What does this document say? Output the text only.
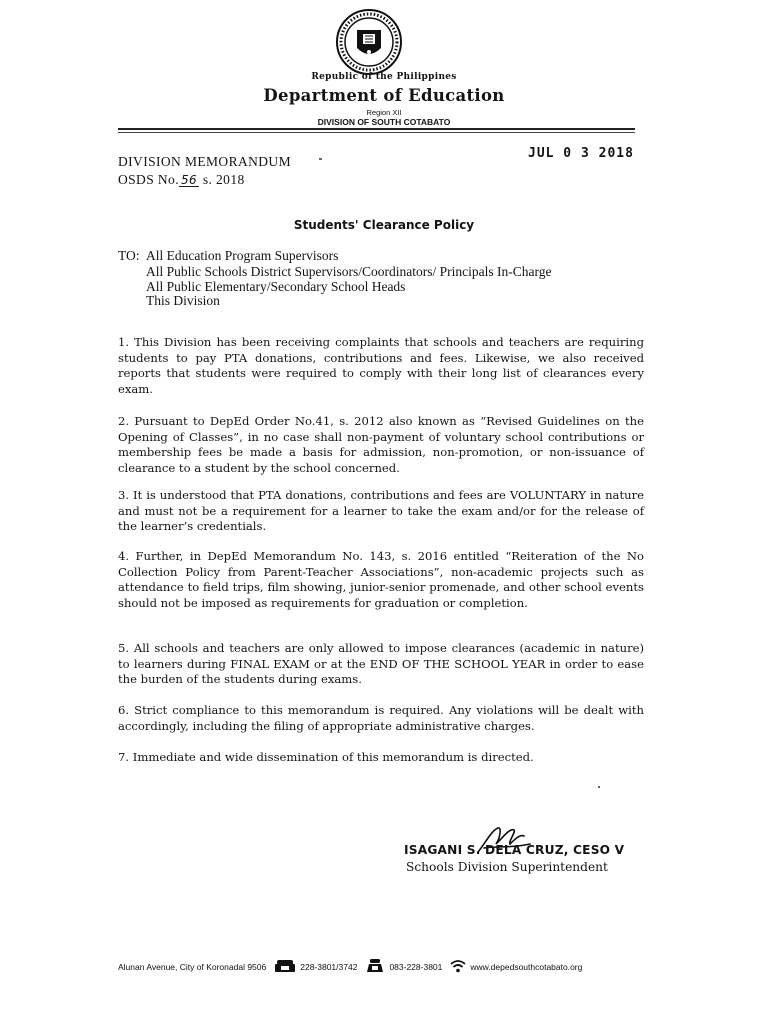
Republic of the Philippines
Department of Education
Region XII
DIVISION OF SOUTH COTABATO
JUL 0 3 2018
DIVISION MEMORANDUM
OSDS No. 56 s. 2018
Students' Clearance Policy
TO: All Education Program Supervisors
All Public Schools District Supervisors/Coordinators/ Principals In-Charge
All Public Elementary/Secondary School Heads
This Division

1. This Division has been receiving complaints that schools and teachers are requiring students to pay PTA donations, contributions and fees. Likewise, we also received reports that students were required to comply with their long list of clearances every exam.

2. Pursuant to DepEd Order No.41, s. 2012 also known as “Revised Guidelines on the Opening of Classes”, in no case shall non-payment of voluntary school contributions or membership fees be made a basis for admission, non-promotion, or non-issuance of clearance to a student by the school concerned.

3. It is understood that PTA donations, contributions and fees are VOLUNTARY in nature and must not be a requirement for a learner to take the exam and/or for the release of the learner’s credentials.

4. Further, in DepEd Memorandum No. 143, s. 2016 entitled “Reiteration of the No Collection Policy from Parent-Teacher Associations”, non-academic projects such as attendance to field trips, film showing, junior-senior promenade, and other school events should not be imposed as requirements for graduation or completion.

5. All schools and teachers are only allowed to impose clearances (academic in nature) to learners during FINAL EXAM or at the END OF THE SCHOOL YEAR in order to ease the burden of the students during exams.

6. Strict compliance to this memorandum is required. Any violations will be dealt with accordingly, including the filing of appropriate administrative charges.

7. Immediate and wide dissemination of this memorandum is directed.

ISAGANI S. DELA CRUZ, CESO V
Schools Division Superintendent
Alunan Avenue, City of Koronadal 9506	228-3801/3742	083-228-3801	www.depedsouthcotabato.org
